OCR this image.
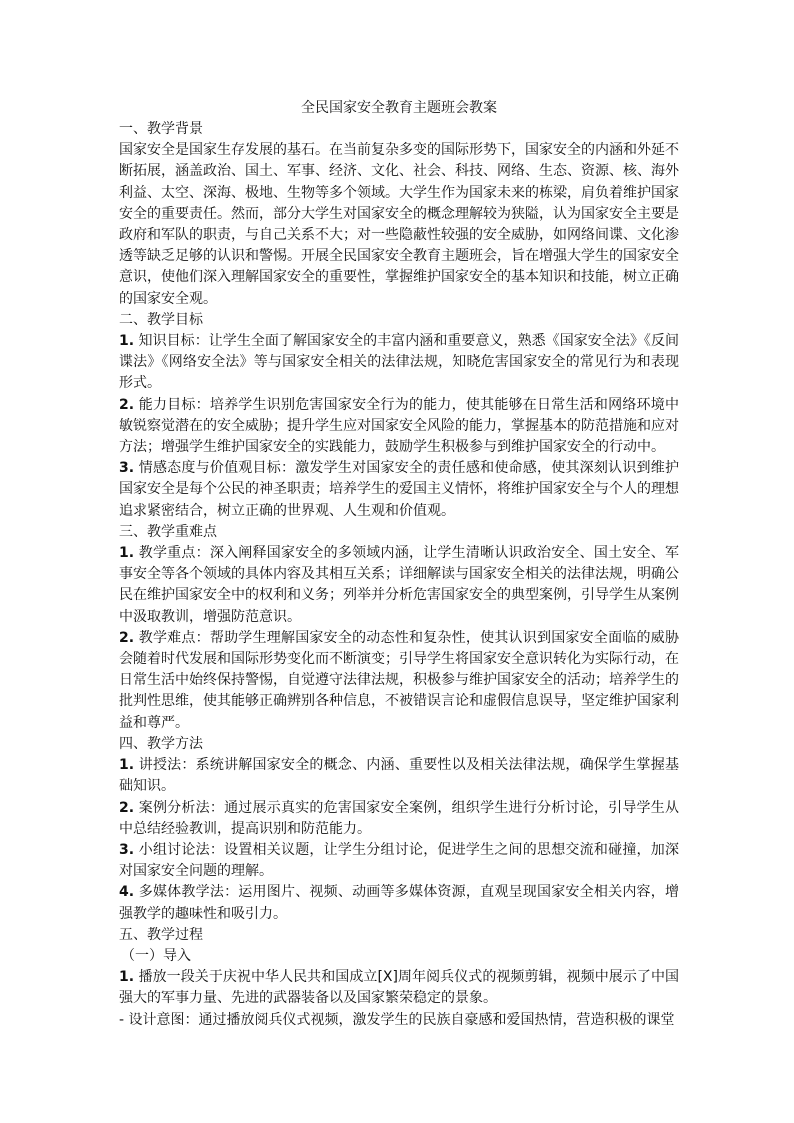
全民国家安全教育主题班会教案

一、教学背景

国家安全是国家生存发展的基石。在当前复杂多变的国际形势下，国家安全的内涵和外延不断拓展，涵盖政治、国土、军事、经济、文化、社会、科技、网络、生态、资源、核、海外利益、太空、深海、极地、生物等多个领域。大学生作为国家未来的栋梁，肩负着维护国家安全的重要责任。然而，部分大学生对国家安全的概念理解较为狭隘，认为国家安全主要是政府和军队的职责，与自己关系不大；对一些隐蔽性较强的安全威胁，如网络间谍、文化渗透等缺乏足够的认识和警惕。开展全民国家安全教育主题班会，旨在增强大学生的国家安全意识，使他们深入理解国家安全的重要性，掌握维护国家安全的基本知识和技能，树立正确的国家安全观。

二、教学目标

1. 知识目标：让学生全面了解国家安全的丰富内涵和重要意义，熟悉《国家安全法》《反间谍法》《网络安全法》等与国家安全相关的法律法规，知晓危害国家安全的常见行为和表现形式。

2. 能力目标：培养学生识别危害国家安全行为的能力，使其能够在日常生活和网络环境中敏锐察觉潜在的安全威胁；提升学生应对国家安全风险的能力，掌握基本的防范措施和应对方法；增强学生维护国家安全的实践能力，鼓励学生积极参与到维护国家安全的行动中。

3. 情感态度与价值观目标：激发学生对国家安全的责任感和使命感，使其深刻认识到维护国家安全是每个公民的神圣职责；培养学生的爱国主义情怀，将维护国家安全与个人的理想追求紧密结合，树立正确的世界观、人生观和价值观。

三、教学重难点

1. 教学重点：深入阐释国家安全的多领域内涵，让学生清晰认识政治安全、国土安全、军事安全等各个领域的具体内容及其相互关系；详细解读与国家安全相关的法律法规，明确公民在维护国家安全中的权利和义务；列举并分析危害国家安全的典型案例，引导学生从案例中汲取教训，增强防范意识。

2. 教学难点：帮助学生理解国家安全的动态性和复杂性，使其认识到国家安全面临的威胁会随着时代发展和国际形势变化而不断演变；引导学生将国家安全意识转化为实际行动，在日常生活中始终保持警惕，自觉遵守法律法规，积极参与维护国家安全的活动；培养学生的批判性思维，使其能够正确辨别各种信息，不被错误言论和虚假信息误导，坚定维护国家利益和尊严。

四、教学方法

1. 讲授法：系统讲解国家安全的概念、内涵、重要性以及相关法律法规，确保学生掌握基础知识。

2. 案例分析法：通过展示真实的危害国家安全案例，组织学生进行分析讨论，引导学生从中总结经验教训，提高识别和防范能力。

3. 小组讨论法：设置相关议题，让学生分组讨论，促进学生之间的思想交流和碰撞，加深对国家安全问题的理解。

4. 多媒体教学法：运用图片、视频、动画等多媒体资源，直观呈现国家安全相关内容，增强教学的趣味性和吸引力。

五、教学过程

（一）导入

1. 播放一段关于庆祝中华人民共和国成立[X]周年阅兵仪式的视频剪辑，视频中展示了中国强大的军事力量、先进的武器装备以及国家繁荣稳定的景象。

- 设计意图：通过播放阅兵仪式视频，激发学生的民族自豪感和爱国热情，营造积极的课堂
